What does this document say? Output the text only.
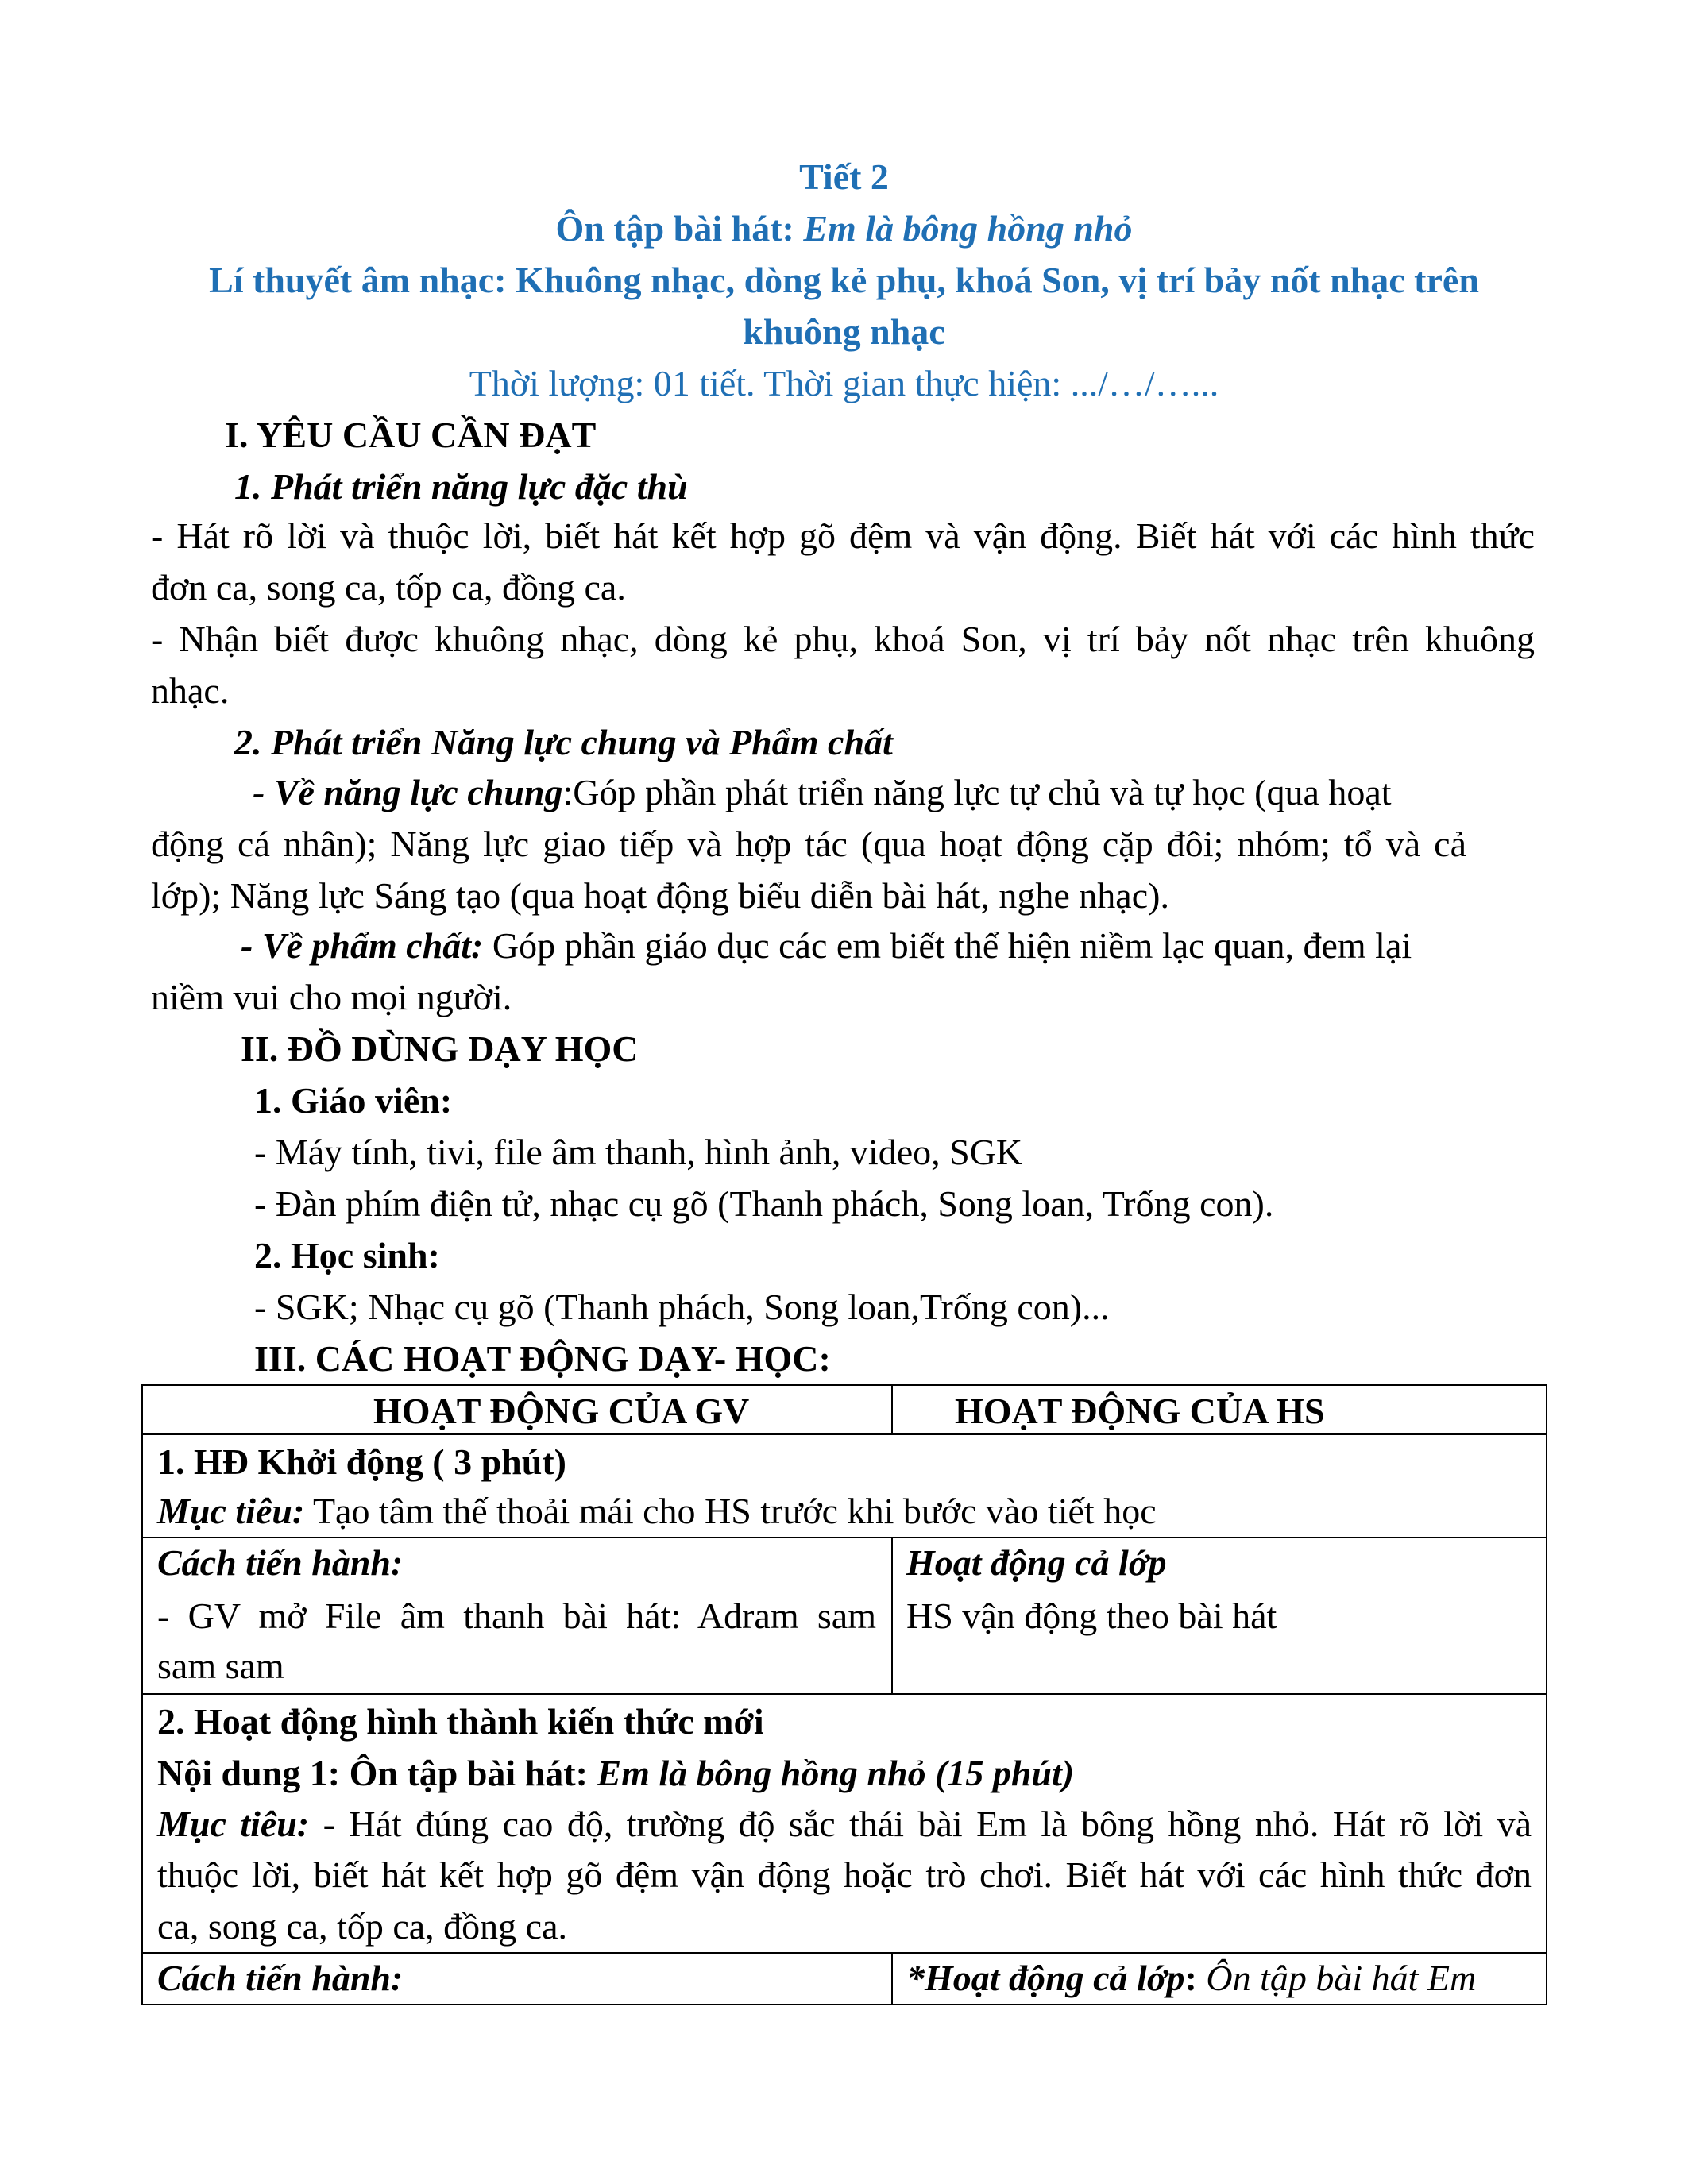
Tiết 2
Ôn tập bài hát: Em là bông hồng nhỏ
Lí thuyết âm nhạc: Khuông nhạc, dòng kẻ phụ, khoá Son, vị trí bảy nốt nhạc trên
khuông nhạc
Thời lượng: 01 tiết. Thời gian thực hiện: .../…/…...
I. YÊU CẦU CẦN ĐẠT
1. Phát triển năng lực đặc thù
- Hát rõ lời và thuộc lời, biết hát kết hợp gõ đệm và vận động. Biết hát với các hình thức
đơn ca, song ca, tốp ca, đồng ca.
- Nhận biết được khuông nhạc, dòng kẻ phụ, khoá Son, vị trí bảy nốt nhạc trên khuông
nhạc.
2. Phát triển Năng lực chung và Phẩm chất
- Về năng lực chung:Góp phần phát triển năng lực tự chủ và tự học (qua hoạt
động cá nhân); Năng lực giao tiếp và hợp tác (qua hoạt động cặp đôi; nhóm; tổ và cả
lớp); Năng lực Sáng tạo (qua hoạt động biểu diễn bài hát, nghe nhạc).
- Về phẩm chất: Góp phần giáo dục các em biết thể hiện niềm lạc quan, đem lại
niềm vui cho mọi người.
II. ĐỒ DÙNG DẠY HỌC
1. Giáo viên:
- Máy tính, tivi, file âm thanh, hình ảnh, video, SGK
- Đàn phím điện tử, nhạc cụ gõ (Thanh phách, Song loan, Trống con).
2. Học sinh:
- SGK; Nhạc cụ gõ (Thanh phách, Song loan,Trống con)...
III. CÁC HOẠT ĐỘNG DẠY- HỌC:
HOẠT ĐỘNG CỦA GV	HOẠT ĐỘNG CỦA HS
1. HĐ Khởi động ( 3 phút)
Mục tiêu: Tạo tâm thế thoải mái cho HS trước khi bước vào tiết học
Cách tiến hành:
- GV mở File âm thanh bài hát: Adram sam
sam sam
Hoạt động cả lớp
HS vận động theo bài hát
2. Hoạt động hình thành kiến thức mới
Nội dung 1: Ôn tập bài hát: Em là bông hồng nhỏ (15 phút)
Mục tiêu: - Hát đúng cao độ, trường độ sắc thái bài Em là bông hồng nhỏ. Hát rõ lời và
thuộc lời, biết hát kết hợp gõ đệm vận động hoặc trò chơi. Biết hát với các hình thức đơn
ca, song ca, tốp ca, đồng ca.
Cách tiến hành:	*Hoạt động cả lớp: Ôn tập bài hát Em
